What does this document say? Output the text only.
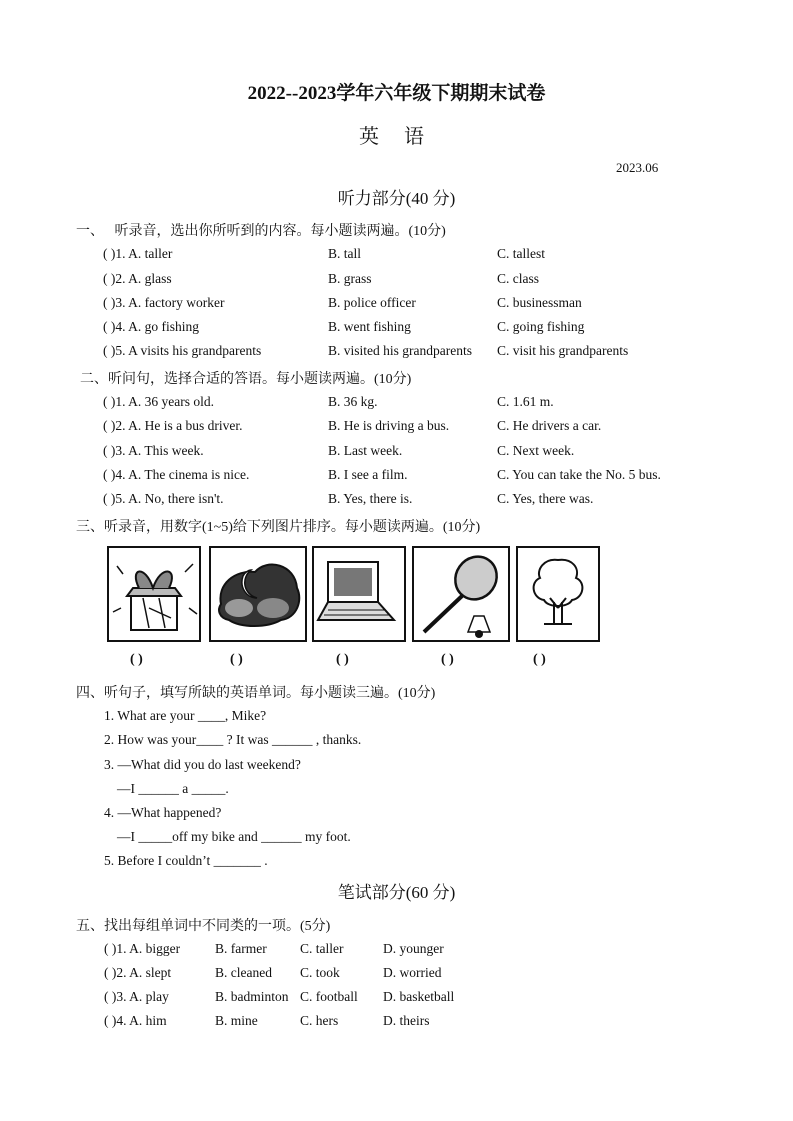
2022--2023学年六年级下期期末试卷
英 语
2023.06
听力部分(40 分)
一、　 听录音，选出你所听到的内容。每小题读两遍。(10分)
( )1. A. taller	B. tall	C. tallest
( )2. A. glass	B. grass	C. class
( )3. A. factory worker	B. police officer	C. businessman
( )4. A. go fishing	B. went fishing	C. going fishing
( )5. A visits his grandparents	B. visited his grandparents C. visit his grandparents
二、听问句，选择合适的答语。每小题读两遍。(10分)
( )1. A. 36 years old.	B. 36 kg.	C. 1.61 m.
( )2. A. He is a bus driver.	B. He is driving a bus.	C. He drivers a car.
( )3. A. This week.	B. Last week.	C. Next week.
( )4. A. The cinema is nice.	B. I see a film.	C. You can take the No. 5 bus.
( )5. A. No, there isn't.	B. Yes, there is.	C. Yes, there was.
三、听录音，用数字(1~5)给下列图片排序。每小题读两遍。(10分)
( )	( )	( )	( )	( )
四、听句子，填写所缺的英语单词。每小题读三遍。(10分)
1. What are your ____, Mike?
2. How was your____ ? It was ______ , thanks.
3. —What did you do last weekend?
—I ______ a _____.
4. —What happened?
—I _____off my bike and ______ my foot.
5. Before I couldn’t _______ .
笔试部分(60 分)
五、找出每组单词中不同类的一项。(5分)
( )1. A. bigger	B. farmer C. taller	D. younger
( )2. A. slept	B. cleaned C. took	D. worried
( )3. A. play	B. badminton C. football D. basketball
( )4. A. him	B. mine	C. hers	D. theirs
